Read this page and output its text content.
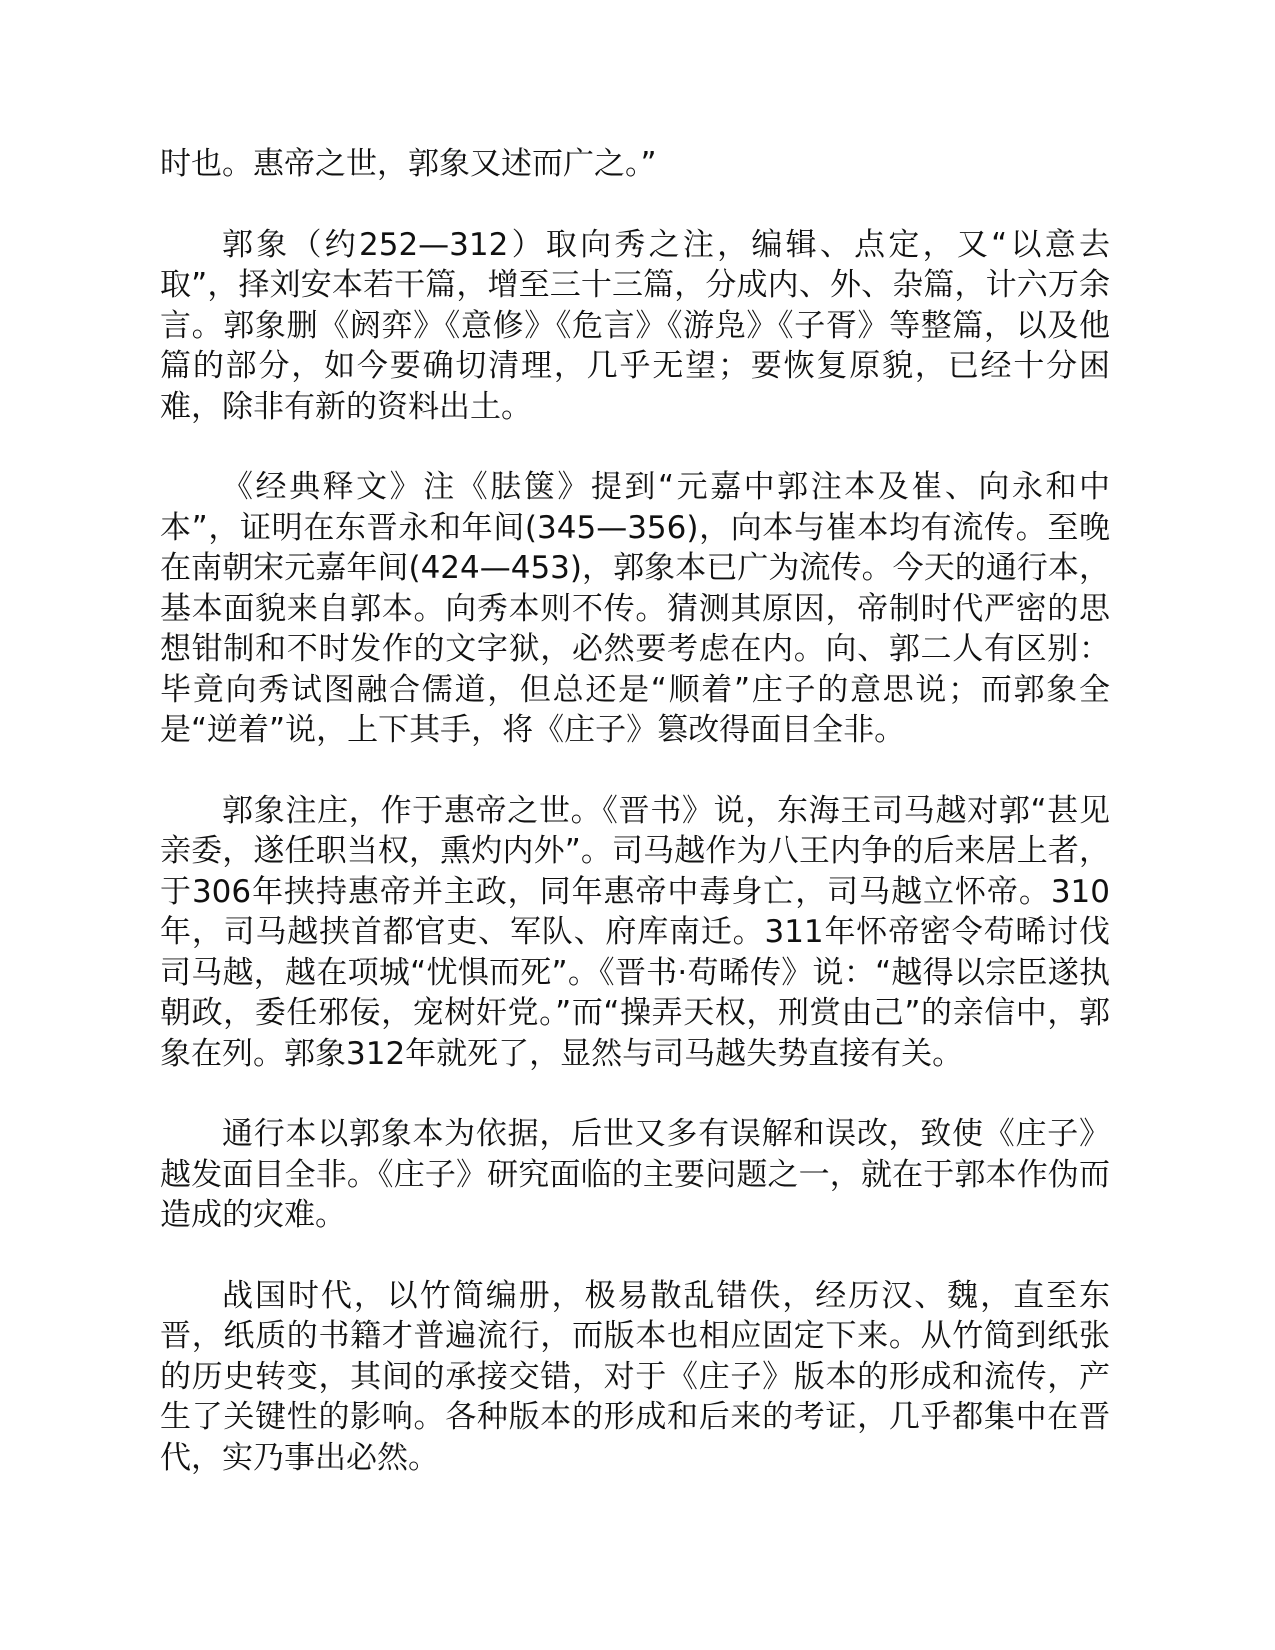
时也。惠帝之世，郭象又述而广之。”

郭象（约252—312）取向秀之注，编辑、点定，又“以意去取”，择刘安本若干篇，增至三十三篇，分成内、外、杂篇，计六万余言。郭象删《阏弈》《意修》《危言》《游凫》《子胥》等整篇，以及他篇的部分，如今要确切清理，几乎无望；要恢复原貌，已经十分困难，除非有新的资料出土。

《经典释文》注《胠箧》提到“元嘉中郭注本及崔、向永和中本”，证明在东晋永和年间(345—356)，向本与崔本均有流传。至晚在南朝宋元嘉年间(424—453)，郭象本已广为流传。今天的通行本，基本面貌来自郭本。向秀本则不传。猜测其原因，帝制时代严密的思想钳制和不时发作的文字狱，必然要考虑在内。向、郭二人有区别：毕竟向秀试图融合儒道，但总还是“顺着”庄子的意思说；而郭象全是“逆着”说，上下其手，将《庄子》篡改得面目全非。

郭象注庄，作于惠帝之世。《晋书》说，东海王司马越对郭“甚见亲委，遂任职当权，熏灼内外”。司马越作为八王内争的后来居上者，于306年挟持惠帝并主政，同年惠帝中毒身亡，司马越立怀帝。310年，司马越挟首都官吏、军队、府库南迁。311年怀帝密令苟晞讨伐司马越，越在项城“忧惧而死”。《晋书·苟晞传》说：“越得以宗臣遂执朝政，委任邪佞，宠树奸党。”而“操弄天权，刑赏由己”的亲信中，郭象在列。郭象312年就死了，显然与司马越失势直接有关。

通行本以郭象本为依据，后世又多有误解和误改，致使《庄子》越发面目全非。《庄子》研究面临的主要问题之一，就在于郭本作伪而造成的灾难。

战国时代，以竹简编册，极易散乱错佚，经历汉、魏，直至东晋，纸质的书籍才普遍流行，而版本也相应固定下来。从竹简到纸张的历史转变，其间的承接交错，对于《庄子》版本的形成和流传，产生了关键性的影响。各种版本的形成和后来的考证，几乎都集中在晋代，实乃事出必然。
